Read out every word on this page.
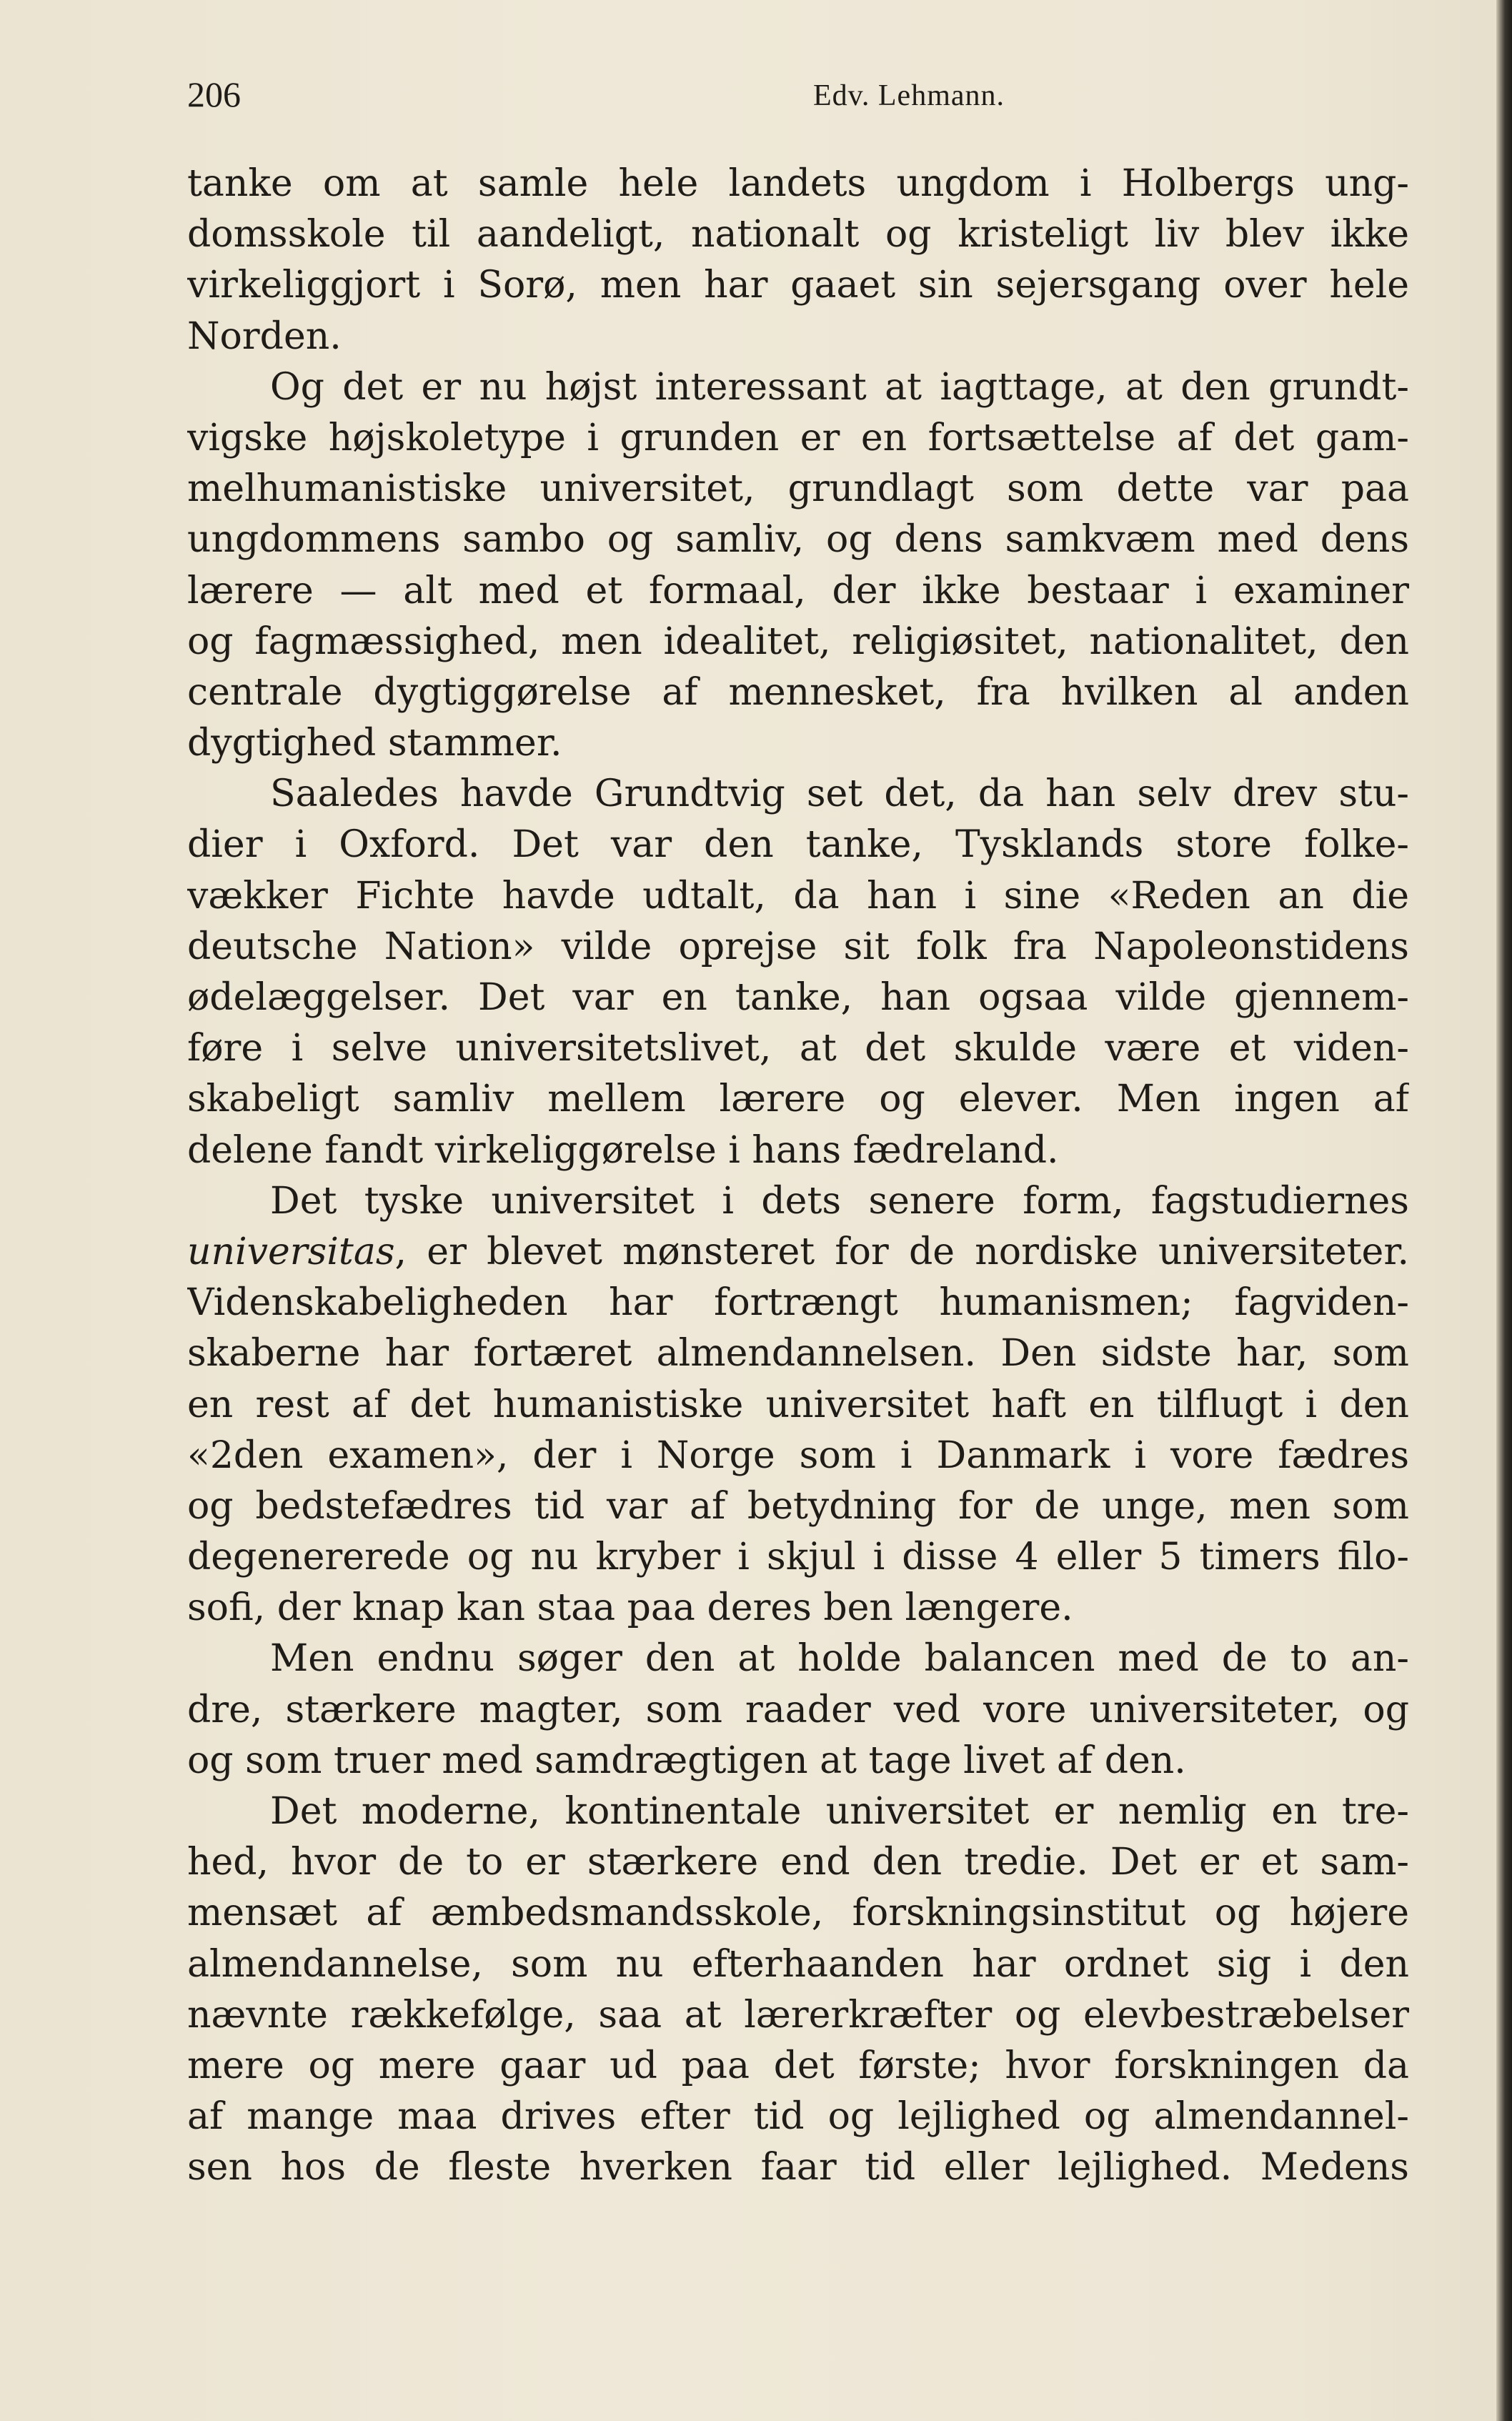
206	Edv. Lehmann.
tanke om at samle hele landets ungdom i Holbergs ung-
domsskole til aandeligt, nationalt og kristeligt liv blev ikke
virkeliggjort i Sorø, men har gaaet sin sejersgang over hele
Norden.
Og det er nu højst interessant at iagttage, at den grundt-
vigske højskoletype i grunden er en fortsættelse af det gam-
melhumanistiske universitet, grundlagt som dette var paa
ungdommens sambo og samliv, og dens samkvæm med dens
lærere — alt med et formaal, der ikke bestaar i examiner
og fagmæssighed, men idealitet, religiøsitet, nationalitet, den
centrale dygtiggørelse af mennesket, fra hvilken al anden
dygtighed stammer.
Saaledes havde Grundtvig set det, da han selv drev stu-
dier i Oxford. Det var den tanke, Tysklands store folke-
vækker Fichte havde udtalt, da han i sine «Reden an die
deutsche Nation» vilde oprejse sit folk fra Napoleonstidens
ødelæggelser. Det var en tanke, han ogsaa vilde gjennem-
føre i selve universitetslivet, at det skulde være et viden-
skabeligt samliv mellem lærere og elever. Men ingen af
delene fandt virkeliggørelse i hans fædreland.
Det tyske universitet i dets senere form, fagstudiernes
universitas, er blevet mønsteret for de nordiske universiteter.
Videnskabeligheden har fortrængt humanismen; fagviden-
skaberne har fortæret almendannelsen. Den sidste har, som
en rest af det humanistiske universitet haft en tilflugt i den
«2den examen», der i Norge som i Danmark i vore fædres
og bedstefædres tid var af betydning for de unge, men som
degenererede og nu kryber i skjul i disse 4 eller 5 timers filo-
sofi, der knap kan staa paa deres ben længere.
Men endnu søger den at holde balancen med de to an-
dre, stærkere magter, som raader ved vore universiteter, og
og som truer med samdrægtigen at tage livet af den.
Det moderne, kontinentale universitet er nemlig en tre-
hed, hvor de to er stærkere end den tredie. Det er et sam-
mensæt af æmbedsmandsskole, forskningsinstitut og højere
almendannelse, som nu efterhaanden har ordnet sig i den
nævnte rækkefølge, saa at lærerkræfter og elevbestræbelser
mere og mere gaar ud paa det første; hvor forskningen da
af mange maa drives efter tid og lejlighed og almendannel-
sen hos de fleste hverken faar tid eller lejlighed. Medens
